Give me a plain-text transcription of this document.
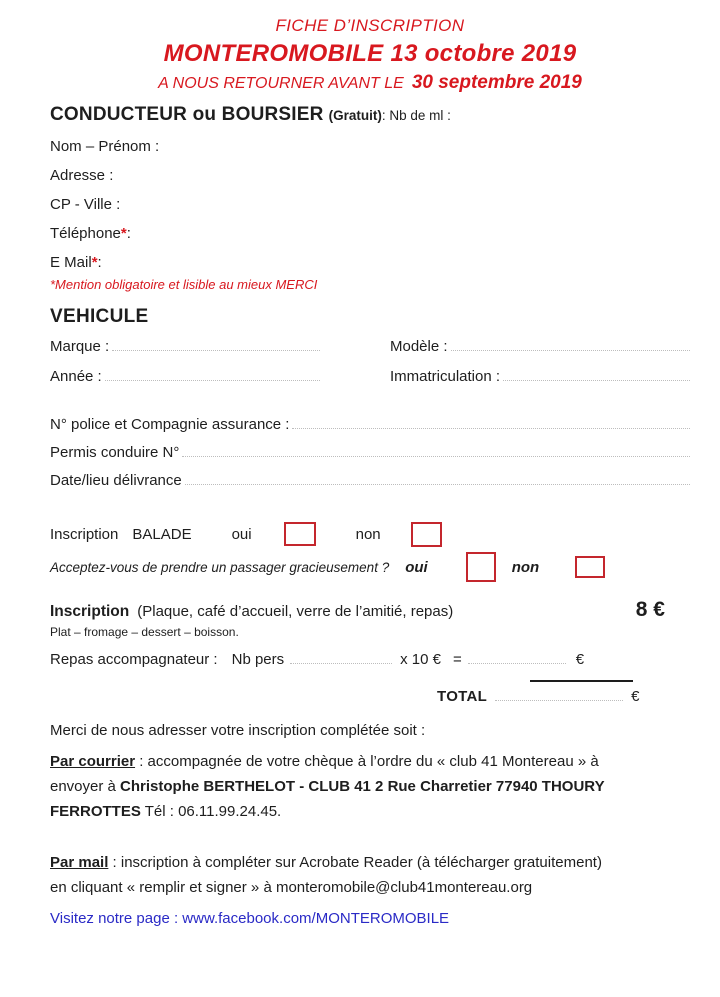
FICHE D’INSCRIPTION
MONTEROMOBILE 13 octobre 2019
A NOUS RETOURNER AVANT LE 30 septembre 2019
CONDUCTEUR ou BOURSIER (Gratuit) : Nb de ml :
Nom – Prénom :
Adresse :
CP - Ville :
Téléphone * :
E Mail * :
*Mention obligatoire et lisible au mieux MERCI
VEHICULE
Marque :	Modèle :
Année :	Immatriculation :
N° police et Compagnie assurance :
Permis conduire N°
Date/lieu délivrance
Inscription BALADE	oui	non
Acceptez-vous de prendre un passager gracieusement ? oui	non
Inscription (Plaque, café d’accueil, verre de l’amitié, repas)	8 €
Plat – fromage – dessert – boisson.
Repas accompagnateur : Nb pers	x 10 € =	€
TOTAL	€
Merci de nous adresser votre inscription complétée soit :
Par courrier : accompagnée de votre chèque à l’ordre du « club 41 Montereau » à envoyer à Christophe BERTHELOT - CLUB 41 2 Rue Charretier 77940 THOURY FERROTTES Tél : 06.11.99.24.45.
Par mail : inscription à compléter sur Acrobate Reader (à télécharger gratuitement) en cliquant « remplir et signer » à monteromobile@club41montereau.org
Visitez notre page : www.facebook.com/MONTEROMOBILE
